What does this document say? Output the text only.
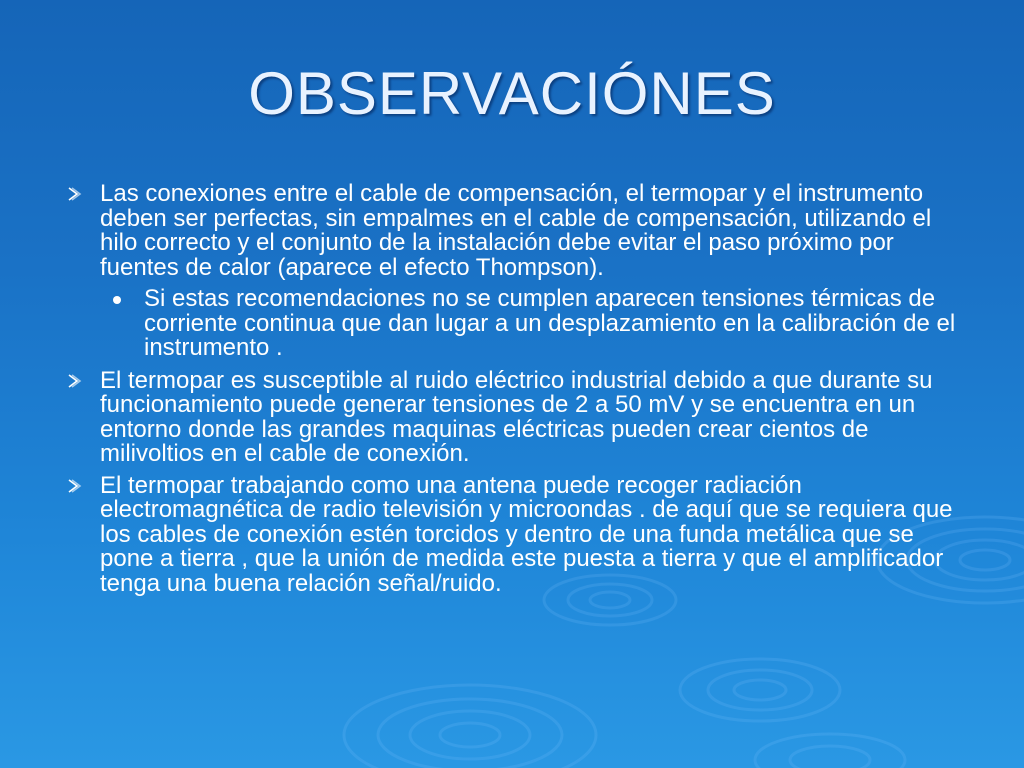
OBSERVACIÓNES
Las conexiones entre el cable de compensación, el termopar y el instrumento deben ser perfectas, sin empalmes en el cable de compensación, utilizando el hilo correcto y el conjunto de la instalación debe evitar el paso próximo por fuentes de calor (aparece el efecto Thompson).
Si estas recomendaciones no se cumplen aparecen tensiones térmicas de corriente continua que dan lugar a un desplazamiento en la calibración de el instrumento .
El termopar es susceptible al ruido eléctrico industrial debido a que durante su funcionamiento puede generar tensiones de 2 a 50 mV y se encuentra en un entorno donde las grandes maquinas eléctricas pueden crear cientos de milivoltios en el cable de conexión.
El termopar trabajando como una antena puede recoger radiación electromagnética de radio televisión y microondas . de aquí que se requiera que los cables de conexión estén torcidos y dentro de una funda metálica que se pone a tierra , que la unión de medida este puesta a tierra y que el amplificador tenga una buena relación señal/ruido.
